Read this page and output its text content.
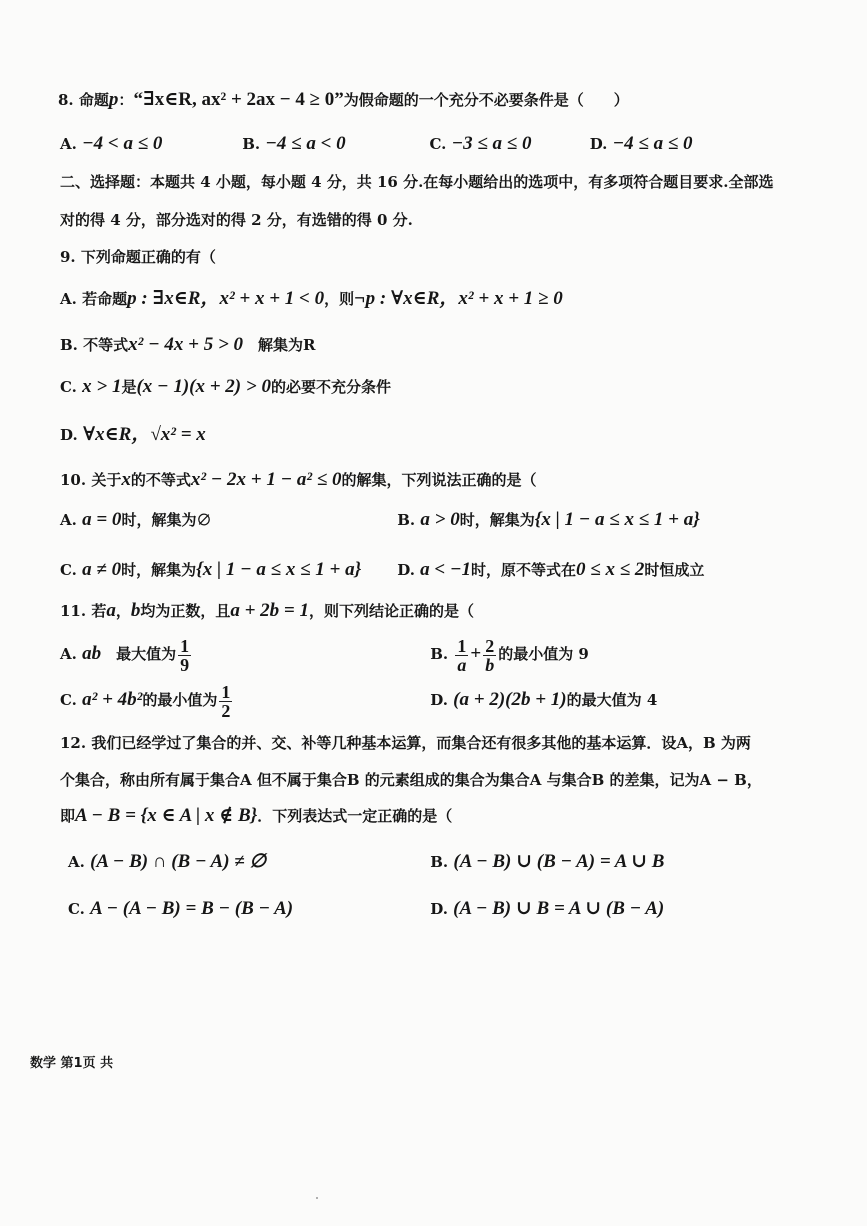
8. 命题p：“∃x∈R, ax² + 2ax − 4 ≥ 0”为假命题的一个充分不必要条件是（　　）
A. −4 < a ≤ 0	B. −4 ≤ a < 0	C. −3 ≤ a ≤ 0	D. −4 ≤ a ≤ 0
二、选择题：本题共 4 小题，每小题 4 分，共 16 分.在每小题给出的选项中，有多项符合题目要求.全部选
对的得 4 分，部分选对的得 2 分，有选错的得 0 分.
9. 下列命题正确的有（
A. 若命题p : ∃x∈R，x² + x + 1 < 0，则¬p : ∀x∈R，x² + x + 1 ≥ 0
B. 不等式x² − 4x + 5 > 0　解集为R
C. x > 1是(x − 1)(x + 2) > 0的必要不充分条件
D. ∀x∈R，√x² = x
10. 关于x的不等式x² − 2x + 1 − a² ≤ 0的解集，下列说法正确的是（
A. a = 0时，解集为∅	B. a > 0时，解集为{x | 1 − a ≤ x ≤ 1 + a}
C. a ≠ 0时，解集为{x | 1 − a ≤ x ≤ 1 + a} D. a < −1时，原不等式在0 ≤ x ≤ 2时恒成立
11. 若a，b均为正数，且a + 2b = 1，则下列结论正确的是（
A. ab　最大值为 $\frac{1}{9}$	B. $\frac{1}{a} + \frac{2}{b}$ 的最小值为 9
C. a² + 4b²的最小值为 $\frac{1}{2}$	D. (a + 2)(2b + 1)的最大值为 4
12. 我们已经学过了集合的并、交、补等几种基本运算，而集合还有很多其他的基本运算．设A，B 为两
个集合，称由所有属于集合A 但不属于集合B 的元素组成的集合为集合A 与集合B 的差集，记为A − B，
即A − B = {x ∈ A | x ∉ B}．下列表达式一定正确的是（
A. (A − B) ∩ (B − A) ≠ ∅	B. (A − B) ∪ (B − A) = A ∪ B
C. A − (A − B) = B − (B − A)	D. (A − B) ∪ B = A ∪ (B − A)
数学 第1页 共
